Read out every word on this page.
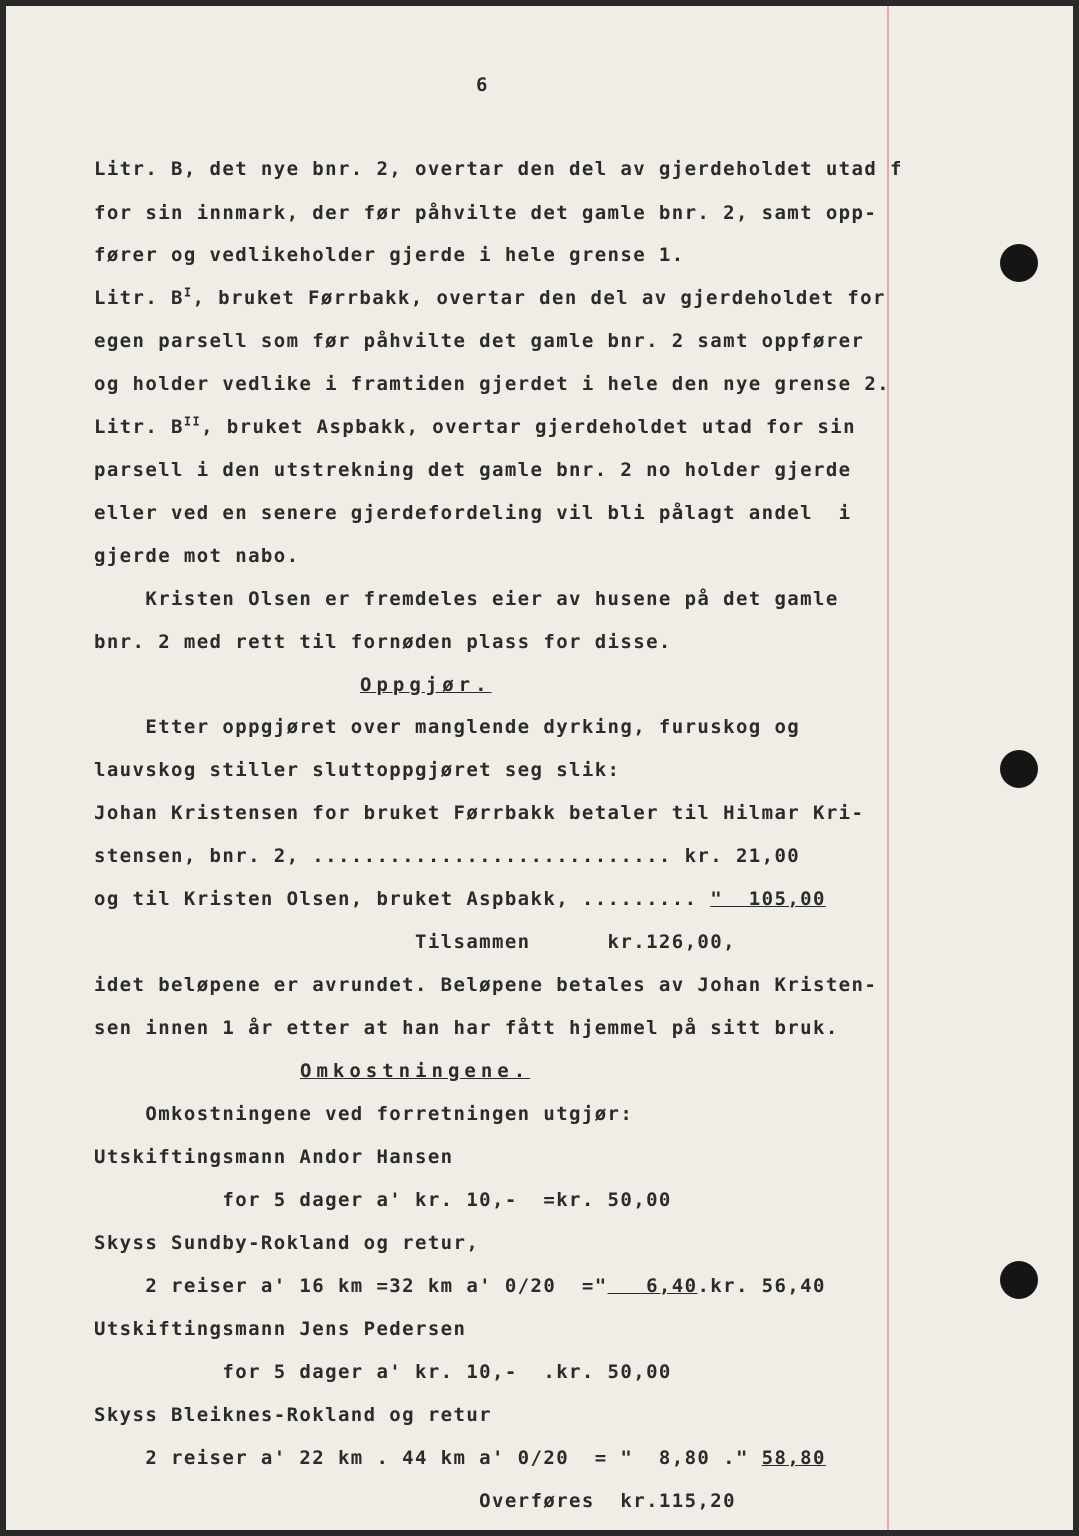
6
Litr. B, det nye bnr. 2, overtar den del av gjerdeholdet utad f
for sin innmark, der før påhvilte det gamle bnr. 2, samt opp-
fører og vedlikeholder gjerde i hele grense 1.
Litr. $B^I$, bruket Førrbakk, overtar den del av gjerdeholdet for
egen parsell som før påhvilte det gamle bnr. 2 samt oppfører
og holder vedlike i framtiden gjerdet i hele den nye grense 2.
Litr. $B^{II}$, bruket Aspbakk, overtar gjerdeholdet utad for sin
parsell i den utstrekning det gamle bnr. 2 no holder gjerde
eller ved en senere gjerdefordeling vil bli pålagt andel  i
gjerde mot nabo.
Kristen Olsen er fremdeles eier av husene på det gamle
bnr. 2 med rett til fornøden plass for disse.
Oppgjør.
Etter oppgjøret over manglende dyrking, furuskog og
lauvskog stiller sluttoppgjøret seg slik:
Johan Kristensen for bruket Førrbakk betaler til Hilmar Kri-
stensen, bnr. 2, ............................ kr. 21,00
og til Kristen Olsen, bruket Aspbakk, ......... "  105,00
Tilsammen      kr.126,00,
idet beløpene er avrundet. Beløpene betales av Johan Kristen-
sen innen 1 år etter at han har fått hjemmel på sitt bruk.
Omkostningene.
Omkostningene ved forretningen utgjør:
Utskiftingsmann Andor Hansen
for 5 dager a' kr. 10,-  =kr. 50,00
Skyss Sundby-Rokland og retur,
2 reiser a' 16 km =32 km a' 0/20  ="   6,40.kr. 56,40
Utskiftingsmann Jens Pedersen
for 5 dager a' kr. 10,-  .kr. 50,00
Skyss Bleiknes-Rokland og retur
2 reiser a' 22 km . 44 km a' 0/20  = "  8,80 ." 58,80
Overføres  kr.115,20
